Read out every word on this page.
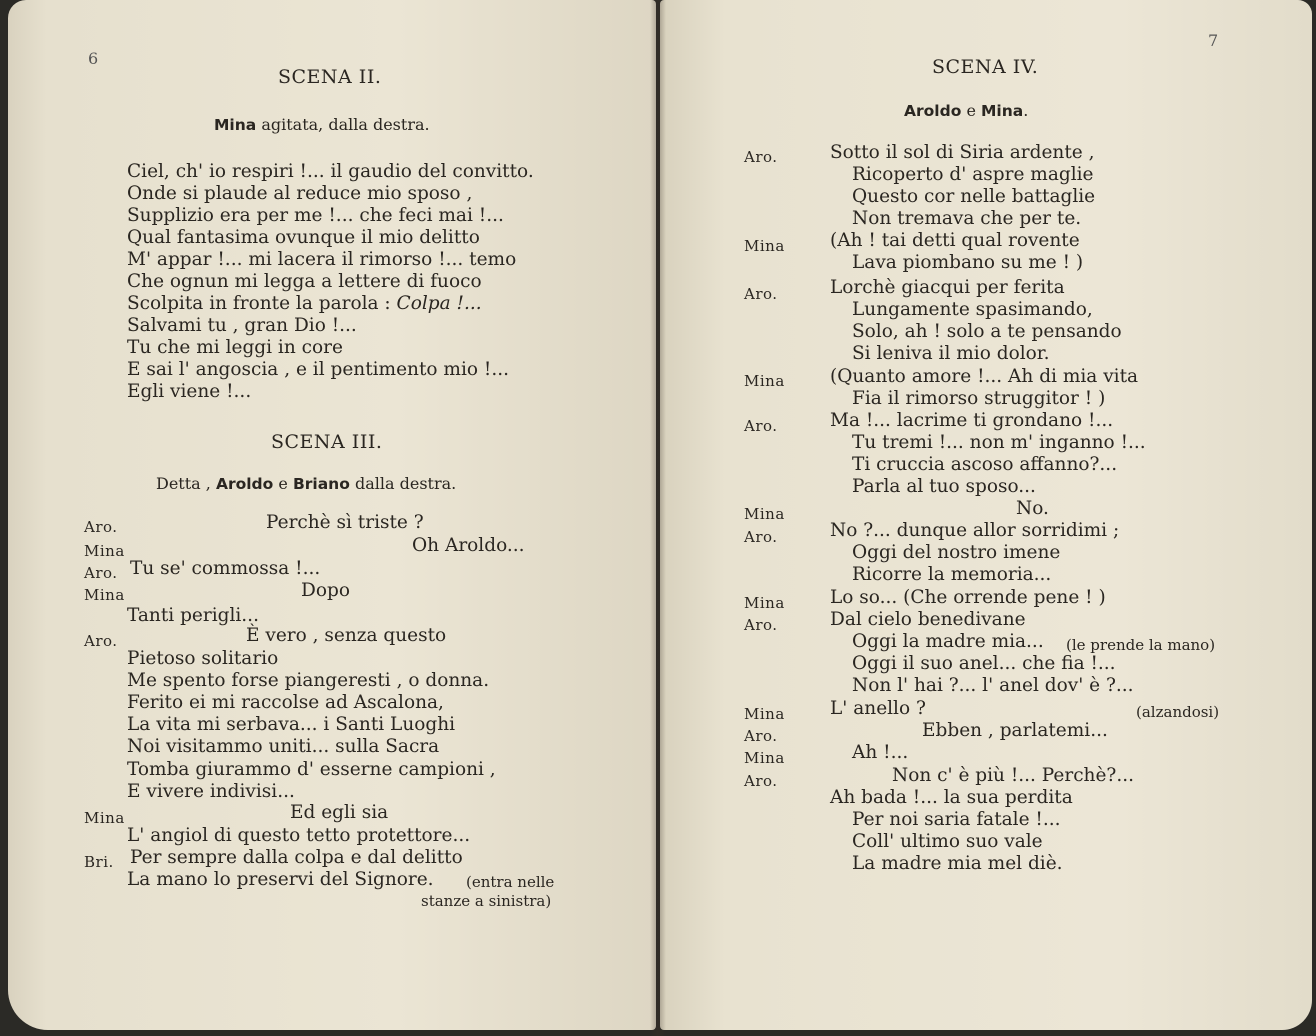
6
SCENA II.
Mina agitata, dalla destra.
Ciel, ch' io respiri !... il gaudio del convitto.
Onde si plaude al reduce mio sposo ,
Supplizio era per me !... che feci mai !...
Qual fantasima ovunque il mio delitto
M' appar !... mi lacera il rimorso !... temo
Che ognun mi legga a lettere di fuoco
Scolpita in fronte la parola : Colpa !...
Salvami tu , gran Dio !...
Tu che mi leggi in core
E sai l' angoscia , e il pentimento mio !...
Egli viene !...
SCENA III.
Detta , Aroldo e Briano dalla destra.
Aro.	Perchè sì triste ?
Mina	Oh Aroldo...
Aro. Tu se' commossa !...
Mina	Dopo
Tanti perigli...
Aro.	È vero , senza questo
Pietoso solitario
Me spento forse piangeresti , o donna.
Ferito ei mi raccolse ad Ascalona,
La vita mi serbava... i Santi Luoghi
Noi visitammo uniti... sulla Sacra
Tomba giurammo d' esserne campioni ,
E vivere indivisi...
Mina	Ed egli sia
L' angiol di questo tetto protettore...
Bri. Per sempre dalla colpa e dal delitto
La mano lo preservi del Signore. (entra nelle
stanze a sinistra)
7
SCENA IV.
Aroldo e Mina.
Aro.	Sotto il sol di Siria ardente ,
Ricoperto d' aspre maglie
Questo cor nelle battaglie
Non tremava che per te.
Mina (Ah ! tai detti qual rovente
Lava piombano su me ! )
Aro.	Lorchè giacqui per ferita
Lungamente spasimando,
Solo, ah ! solo a te pensando
Si leniva il mio dolor.
Mina (Quanto amore !... Ah di mia vita
Fia il rimorso struggitor ! )
Aro.	Ma !... lacrime ti grondano !...
Tu tremi !... non m' inganno !...
Ti cruccia ascoso affanno?...
Parla al tuo sposo...
Mina	No.
Aro.	No ?... dunque allor sorridimi ;
Oggi del nostro imene
Ricorre la memoria...
Mina Lo so... (Che orrende pene ! )
Aro.	Dal cielo benedivane
Oggi la madre mia... (le prende la mano)
Oggi il suo anel... che fia !...
Non l' hai ?... l' anel dov' è ?...
Mina L' anello ?	(alzandosi)
Aro.	Ebben , parlatemi...
Mina	Ah !...
Aro.	Non c' è più !... Perchè?...
Ah bada !... la sua perdita
Per noi saria fatale !...
Coll' ultimo suo vale
La madre mia mel diè.
